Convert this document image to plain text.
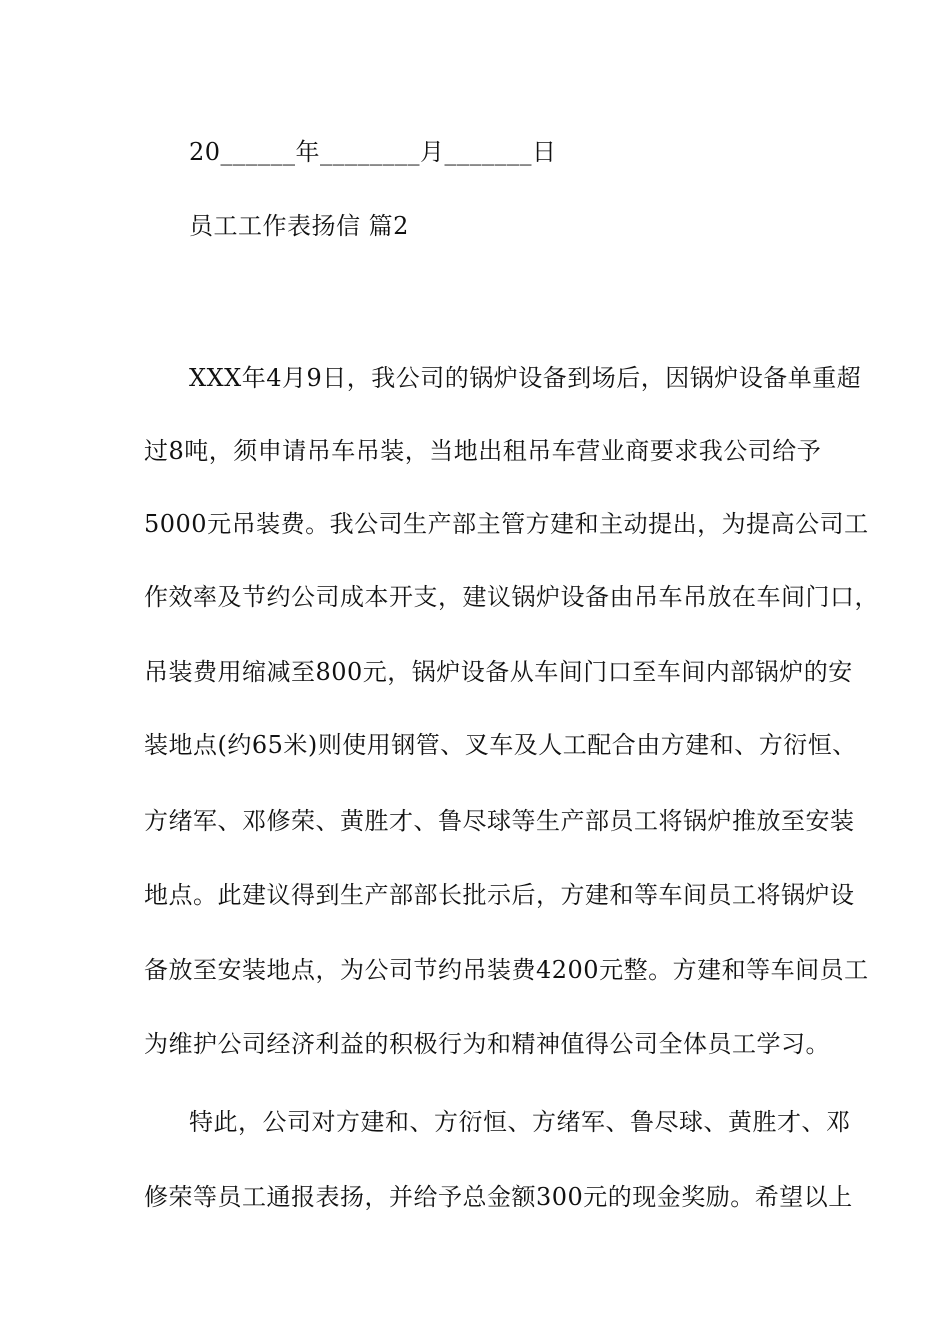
20______年________月_______日
员工工作表扬信 篇2
XXX年4月9日，我公司的锅炉设备到场后，因锅炉设备单重超
过8吨，须申请吊车吊装，当地出租吊车营业商要求我公司给予
5000元吊装费。我公司生产部主管方建和主动提出，为提高公司工
作效率及节约公司成本开支，建议锅炉设备由吊车吊放在车间门口，
吊装费用缩减至800元，锅炉设备从车间门口至车间内部锅炉的安
装地点(约65米)则使用钢管、叉车及人工配合由方建和、方衍恒、
方绪军、邓修荣、黄胜才、鲁尽球等生产部员工将锅炉推放至安装
地点。此建议得到生产部部长批示后，方建和等车间员工将锅炉设
备放至安装地点，为公司节约吊装费4200元整。方建和等车间员工
为维护公司经济利益的积极行为和精神值得公司全体员工学习。
特此，公司对方建和、方衍恒、方绪军、鲁尽球、黄胜才、邓
修荣等员工通报表扬，并给予总金额300元的现金奖励。希望以上
